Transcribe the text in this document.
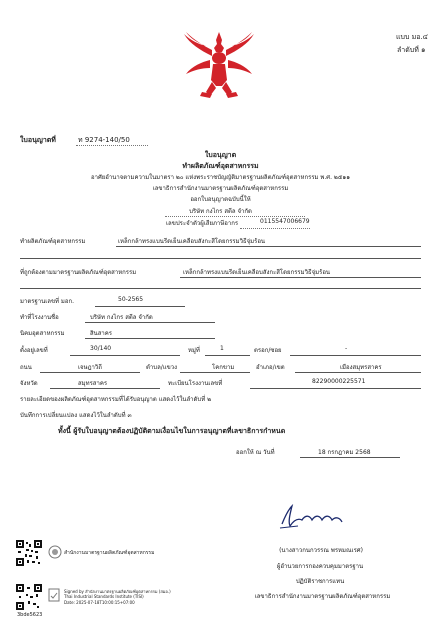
แบบ มอ.๔
ลำดับที่ ๑
ใบอนุญาตที่	ท 9274-140/50
ใบอนุญาต
ทำผลิตภัณฑ์อุตสาหกรรม
อาศัยอำนาจตามความในมาตรา ๒๐ แห่งพระราชบัญญัติมาตรฐานผลิตภัณฑ์อุตสาหกรรม พ.ศ. ๒๕๑๑
เลขาธิการสำนักงานมาตรฐานผลิตภัณฑ์อุตสาหกรรม
ออกใบอนุญาตฉบับนี้ให้
บริษัท กงไกร สตีล จำกัด
เลขประจำตัวผู้เสียภาษีอากร	0115547006679
ทำผลิตภัณฑ์อุตสาหกรรม	เหล็กกล้าทรงแบนรีดเย็นเคลือบสังกะสีโดยกรรมวิธีจุ่มร้อน
ที่ถูกต้องตามมาตรฐานผลิตภัณฑ์อุตสาหกรรม	เหล็กกล้าทรงแบนรีดเย็นเคลือบสังกะสีโดยกรรมวิธีจุ่มร้อน
มาตรฐานเลขที่ มอก.	50-2565
ทำที่โรงงานชื่อ	บริษัท กงไกร สตีล จำกัด
นิคมอุตสาหกรรม	สินสาคร
ตั้งอยู่เลขที่	30/140	หมู่ที่	1	ตรอก/ซอย	-
ถนน	เจษฎาวิถี	ตำบล/แขวง	โคกขาม	อำเภอ/เขต	เมืองสมุทรสาคร
จังหวัด	สมุทรสาคร	ทะเบียนโรงงานเลขที่	82290000225571
รายละเอียดของผลิตภัณฑ์อุตสาหกรรมที่ได้รับอนุญาต แสดงไว้ในลำดับที่ ๒
บันทึกการเปลี่ยนแปลง แสดงไว้ในลำดับที่ ๓
ทั้งนี้ ผู้รับใบอนุญาตต้องปฏิบัติตามเงื่อนไขในการอนุญาตที่เลขาธิการกำหนด
ออกให้ ณ วันที่	18 กรกฎาคม 2568
(นางสาวกนกวรรณ พรหมณเรศ)
ผู้อำนวยการกองควบคุมมาตรฐาน
ปฏิบัติราชการแทน
เลขาธิการสำนักงานมาตรฐานผลิตภัณฑ์อุตสาหกรรม
3bde5623
สำนักงานมาตรฐานผลิตภัณฑ์อุตสาหกรรม
Signed by สำนักงานมาตรฐานผลิตภัณฑ์อุตสาหกรรม (สมอ.)
Thai Industrial Standards Institute (TISI)
Date: 2025-07-18T10:00:15+07:00
